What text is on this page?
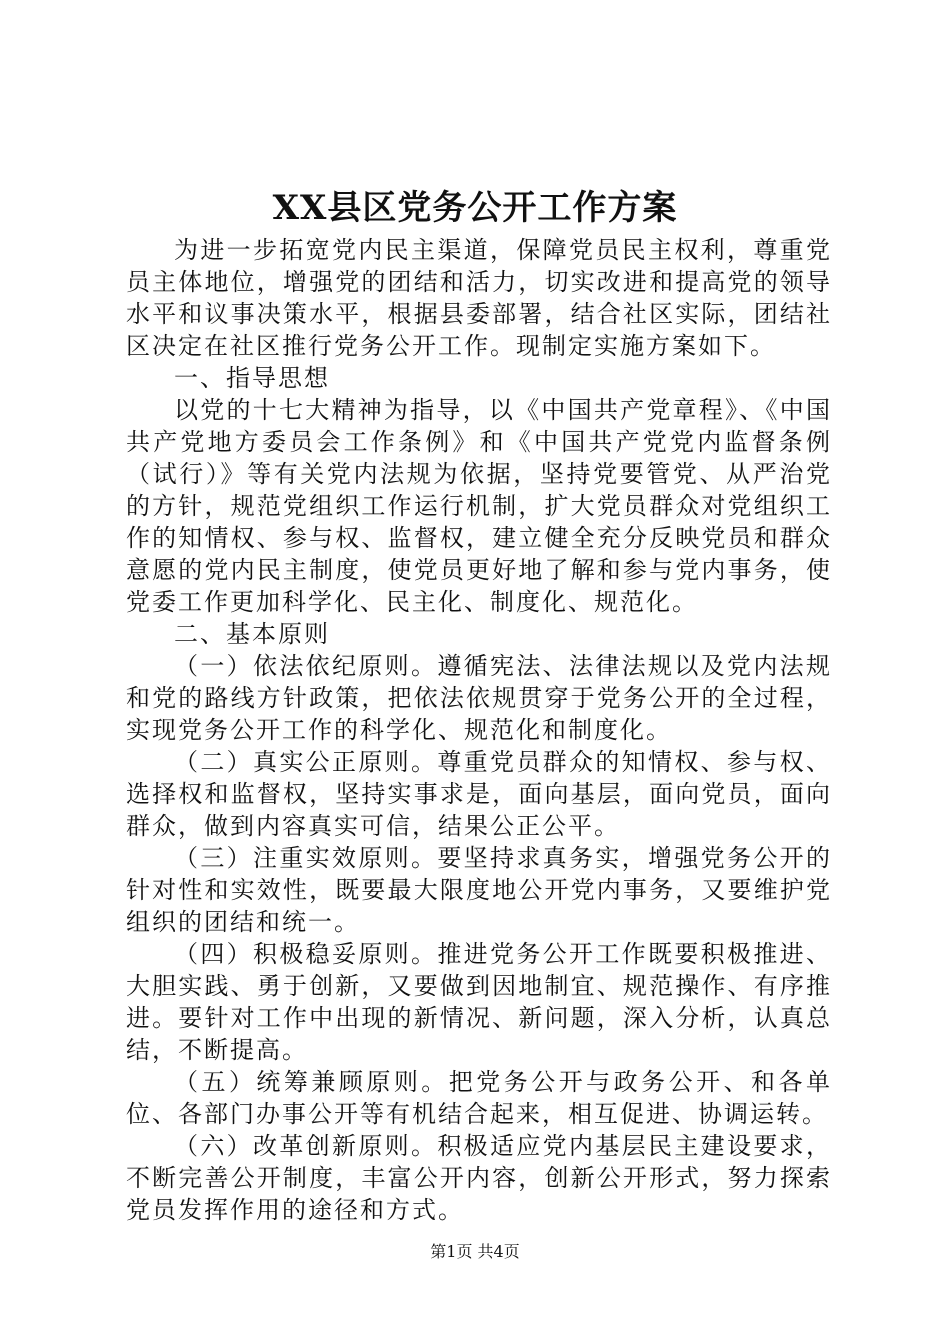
XX县区党务公开工作方案

为进一步拓宽党内民主渠道，保障党员民主权利，尊重党员主体地位，增强党的团结和活力，切实改进和提高党的领导水平和议事决策水平，根据县委部署，结合社区实际，团结社区决定在社区推行党务公开工作。现制定实施方案如下。

一、指导思想

以党的十七大精神为指导，以《中国共产党章程》、《中国共产党地方委员会工作条例》和《中国共产党党内监督条例（试行）》等有关党内法规为依据，坚持党要管党、从严治党的方针，规范党组织工作运行机制，扩大党员群众对党组织工作的知情权、参与权、监督权，建立健全充分反映党员和群众意愿的党内民主制度，使党员更好地了解和参与党内事务，使党委工作更加科学化、民主化、制度化、规范化。

二、基本原则

（一）依法依纪原则。遵循宪法、法律法规以及党内法规和党的路线方针政策，把依法依规贯穿于党务公开的全过程，实现党务公开工作的科学化、规范化和制度化。

（二）真实公正原则。尊重党员群众的知情权、参与权、选择权和监督权，坚持实事求是，面向基层，面向党员，面向群众，做到内容真实可信，结果公正公平。

（三）注重实效原则。要坚持求真务实，增强党务公开的针对性和实效性，既要最大限度地公开党内事务，又要维护党组织的团结和统一。

（四）积极稳妥原则。推进党务公开工作既要积极推进、大胆实践、勇于创新，又要做到因地制宜、规范操作、有序推进。要针对工作中出现的新情况、新问题，深入分析，认真总结，不断提高。

（五）统筹兼顾原则。把党务公开与政务公开、和各单位、各部门办事公开等有机结合起来，相互促进、协调运转。

（六）改革创新原则。积极适应党内基层民主建设要求，不断完善公开制度，丰富公开内容，创新公开形式，努力探索党员发挥作用的途径和方式。

第1页 共4页
